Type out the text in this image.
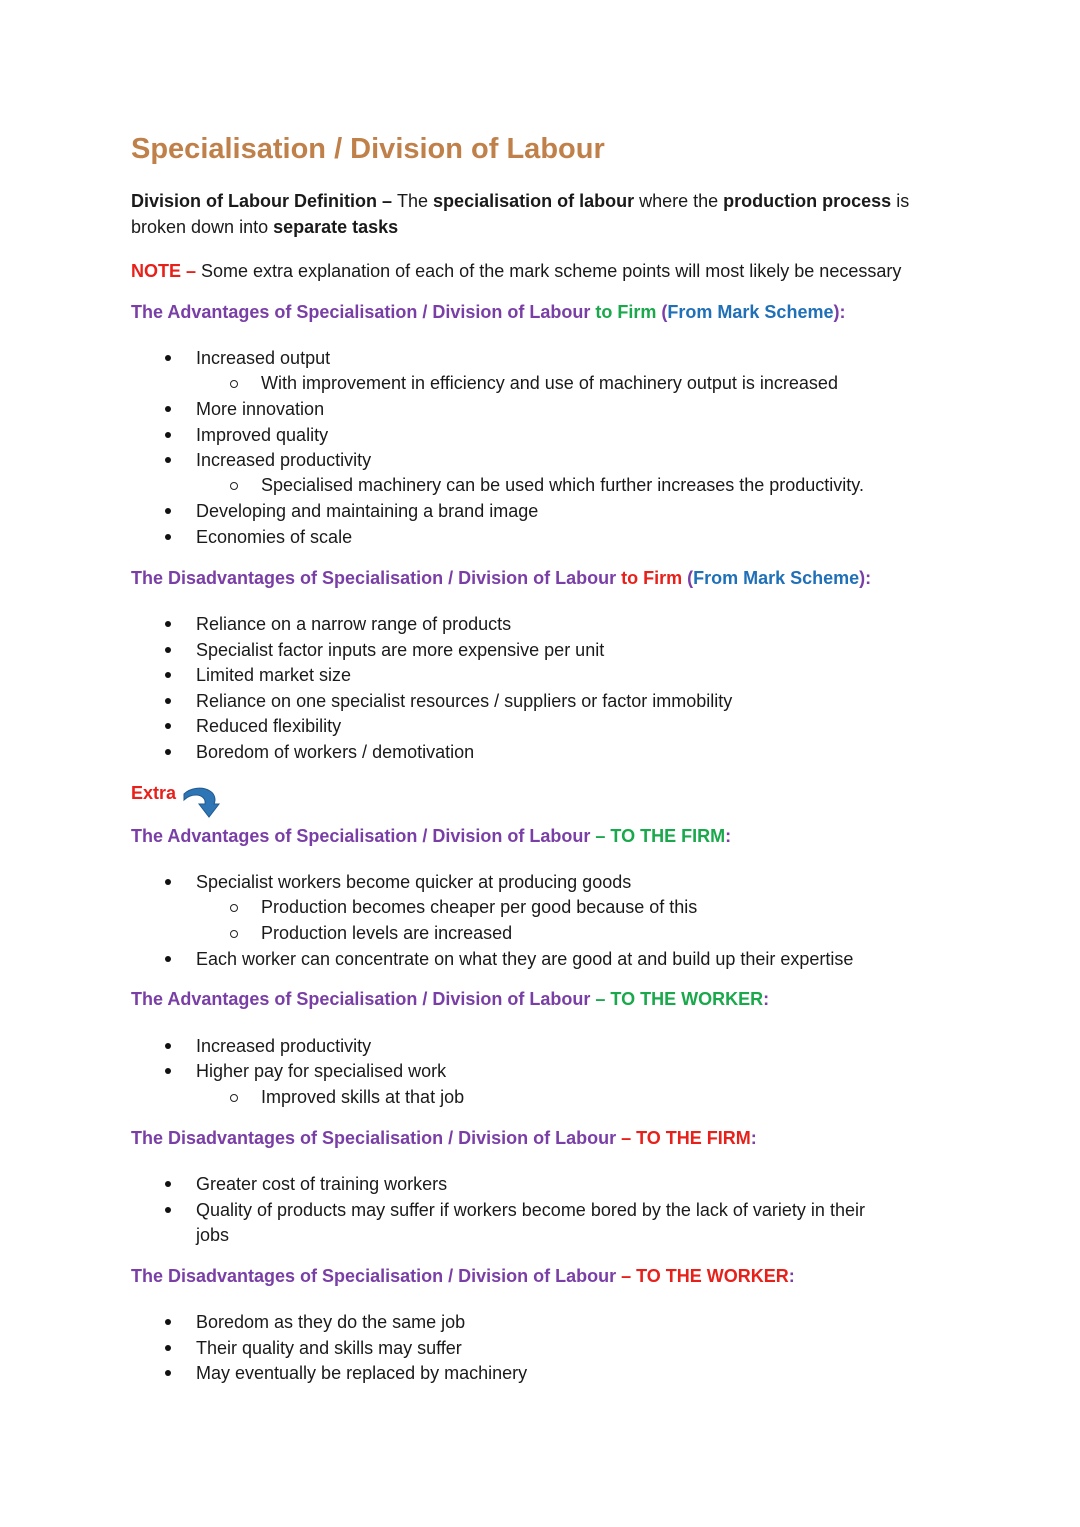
Specialisation / Division of Labour
Division of Labour Definition – The specialisation of labour where the production process is
broken down into separate tasks
NOTE – Some extra explanation of each of the mark scheme points will most likely be necessary
The Advantages of Specialisation / Division of Labour to Firm (From Mark Scheme):
Increased output
With improvement in efficiency and use of machinery output is increased
More innovation
Improved quality
Increased productivity
Specialised machinery can be used which further increases the productivity.
Developing and maintaining a brand image
Economies of scale
The Disadvantages of Specialisation / Division of Labour to Firm (From Mark Scheme):
Reliance on a narrow range of products
Specialist factor inputs are more expensive per unit
Limited market size
Reliance on one specialist resources / suppliers or factor immobility
Reduced flexibility
Boredom of workers / demotivation
Extra
The Advantages of Specialisation / Division of Labour – TO THE FIRM:
Specialist workers become quicker at producing goods
Production becomes cheaper per good because of this
Production levels are increased
Each worker can concentrate on what they are good at and build up their expertise
The Advantages of Specialisation / Division of Labour – TO THE WORKER:
Increased productivity
Higher pay for specialised work
Improved skills at that job
The Disadvantages of Specialisation / Division of Labour – TO THE FIRM:
Greater cost of training workers
Quality of products may suffer if workers become bored by the lack of variety in their
jobs
The Disadvantages of Specialisation / Division of Labour – TO THE WORKER:
Boredom as they do the same job
Their quality and skills may suffer
May eventually be replaced by machinery
